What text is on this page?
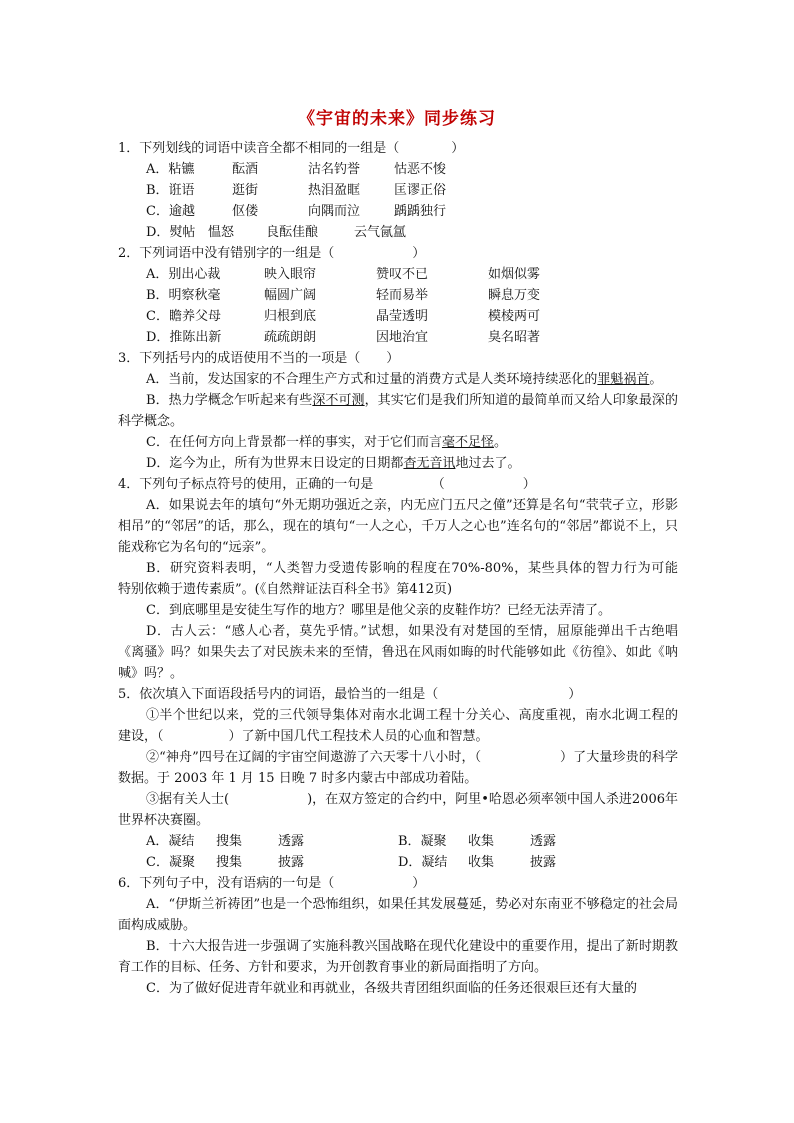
《宇宙的未来》同步练习
1．下列划线的词语中读音全都不相同的一组是（　　　　）
A．粘镳	酝酒	沽名钓誉	怙恶不悛
B．诳语	逛街	热泪盈眶	匡谬正俗
C．逾越	伛偻	向隅而泣	踽踽独行
D．熨帖 愠怒 良酝佳酿	云气氤氲
2．下列词语中没有错别字的一组是（　　　　　　）
A．别出心裁	映入眼帘	赞叹不已	如烟似雾
B．明察秋毫	幅圆广阔	轻而易举	瞬息万变
C．瞻养父母	归根到底	晶莹透明	模棱两可
D．推陈出新	疏疏朗朗	因地治宜	臭名昭著
3．下列括号内的成语使用不当的一项是（　　）
A．当前，发达国家的不合理生产方式和过量的消费方式是人类环境持续恶化的罪魁祸首。
B．热力学概念乍听起来有些深不可测，其实它们是我们所知道的最简单而又给人印象最深的科学概念。
C．在任何方向上背景都一样的事实，对于它们而言毫不足怪。
D．迄今为止，所有为世界末日设定的日期都杳无音讯地过去了。
4．下列句子标点符号的使用，正确的一句是　　　　　（　　　　　　）
A．如果说去年的填句“外无期功强近之亲，内无应门五尺之僮”还算是名句“茕茕孑立，形影相吊”的“邻居”的话，那么，现在的填句“一人之心，千万人之心也”连名句的“邻居”都说不上，只能戏称它为名句的“远亲”。
B．研究资料表明，“人类智力受遗传影响的程度在70%-80%，某些具体的智力行为可能　特别依赖于遗传素质”。(《自然辩证法百科全书》第412页)
C．到底哪里是安徒生写作的地方？哪里是他父亲的皮鞋作坊？已经无法弄清了。
D．古人云：“感人心者，莫先乎情。”试想，如果没有对楚国的至情，屈原能弹出千古绝唱《离骚》吗？如果失去了对民族未来的至情，鲁迅在风雨如晦的时代能够如此《彷徨》、如此《呐喊》吗？。
5．依次填入下面语段括号内的词语，最恰当的一组是（　　　　　　　　　　）
①半个世纪以来，党的三代领导集体对南水北调工程十分关心、高度重视，南水北调工程的建设，（　　　　　）了新中国几代工程技术人员的心血和智慧。
②“神舟”四号在辽阔的宇宙空间遨游了六天零十八小时，（　　　　　　）了大量珍贵的科学数据。于 2003 年 1 月 15 日晚 7 时多内蒙古中部成功着陆。
③据有关人士(　　　　　　)，在双方签定的合约中，阿里•哈恩必须率领中国人杀进2006年世界杯决赛圈。
A．凝结 搜集	透露	B．凝聚 收集	透露
C．凝聚 搜集	披露	D．凝结 收集	披露
6．下列句子中，没有语病的一句是（　　　　　　）
A．“伊斯兰祈祷团”也是一个恐怖组织，如果任其发展蔓延，势必对东南亚不够稳定的社会局面构成威胁。
B．十六大报告进一步强调了实施科教兴国战略在现代化建设中的重要作用，提出了新时期教育工作的目标、任务、方针和要求，为开创教育事业的新局面指明了方向。
C．为了做好促进青年就业和再就业，各级共青团组织面临的任务还很艰巨还有大量的
